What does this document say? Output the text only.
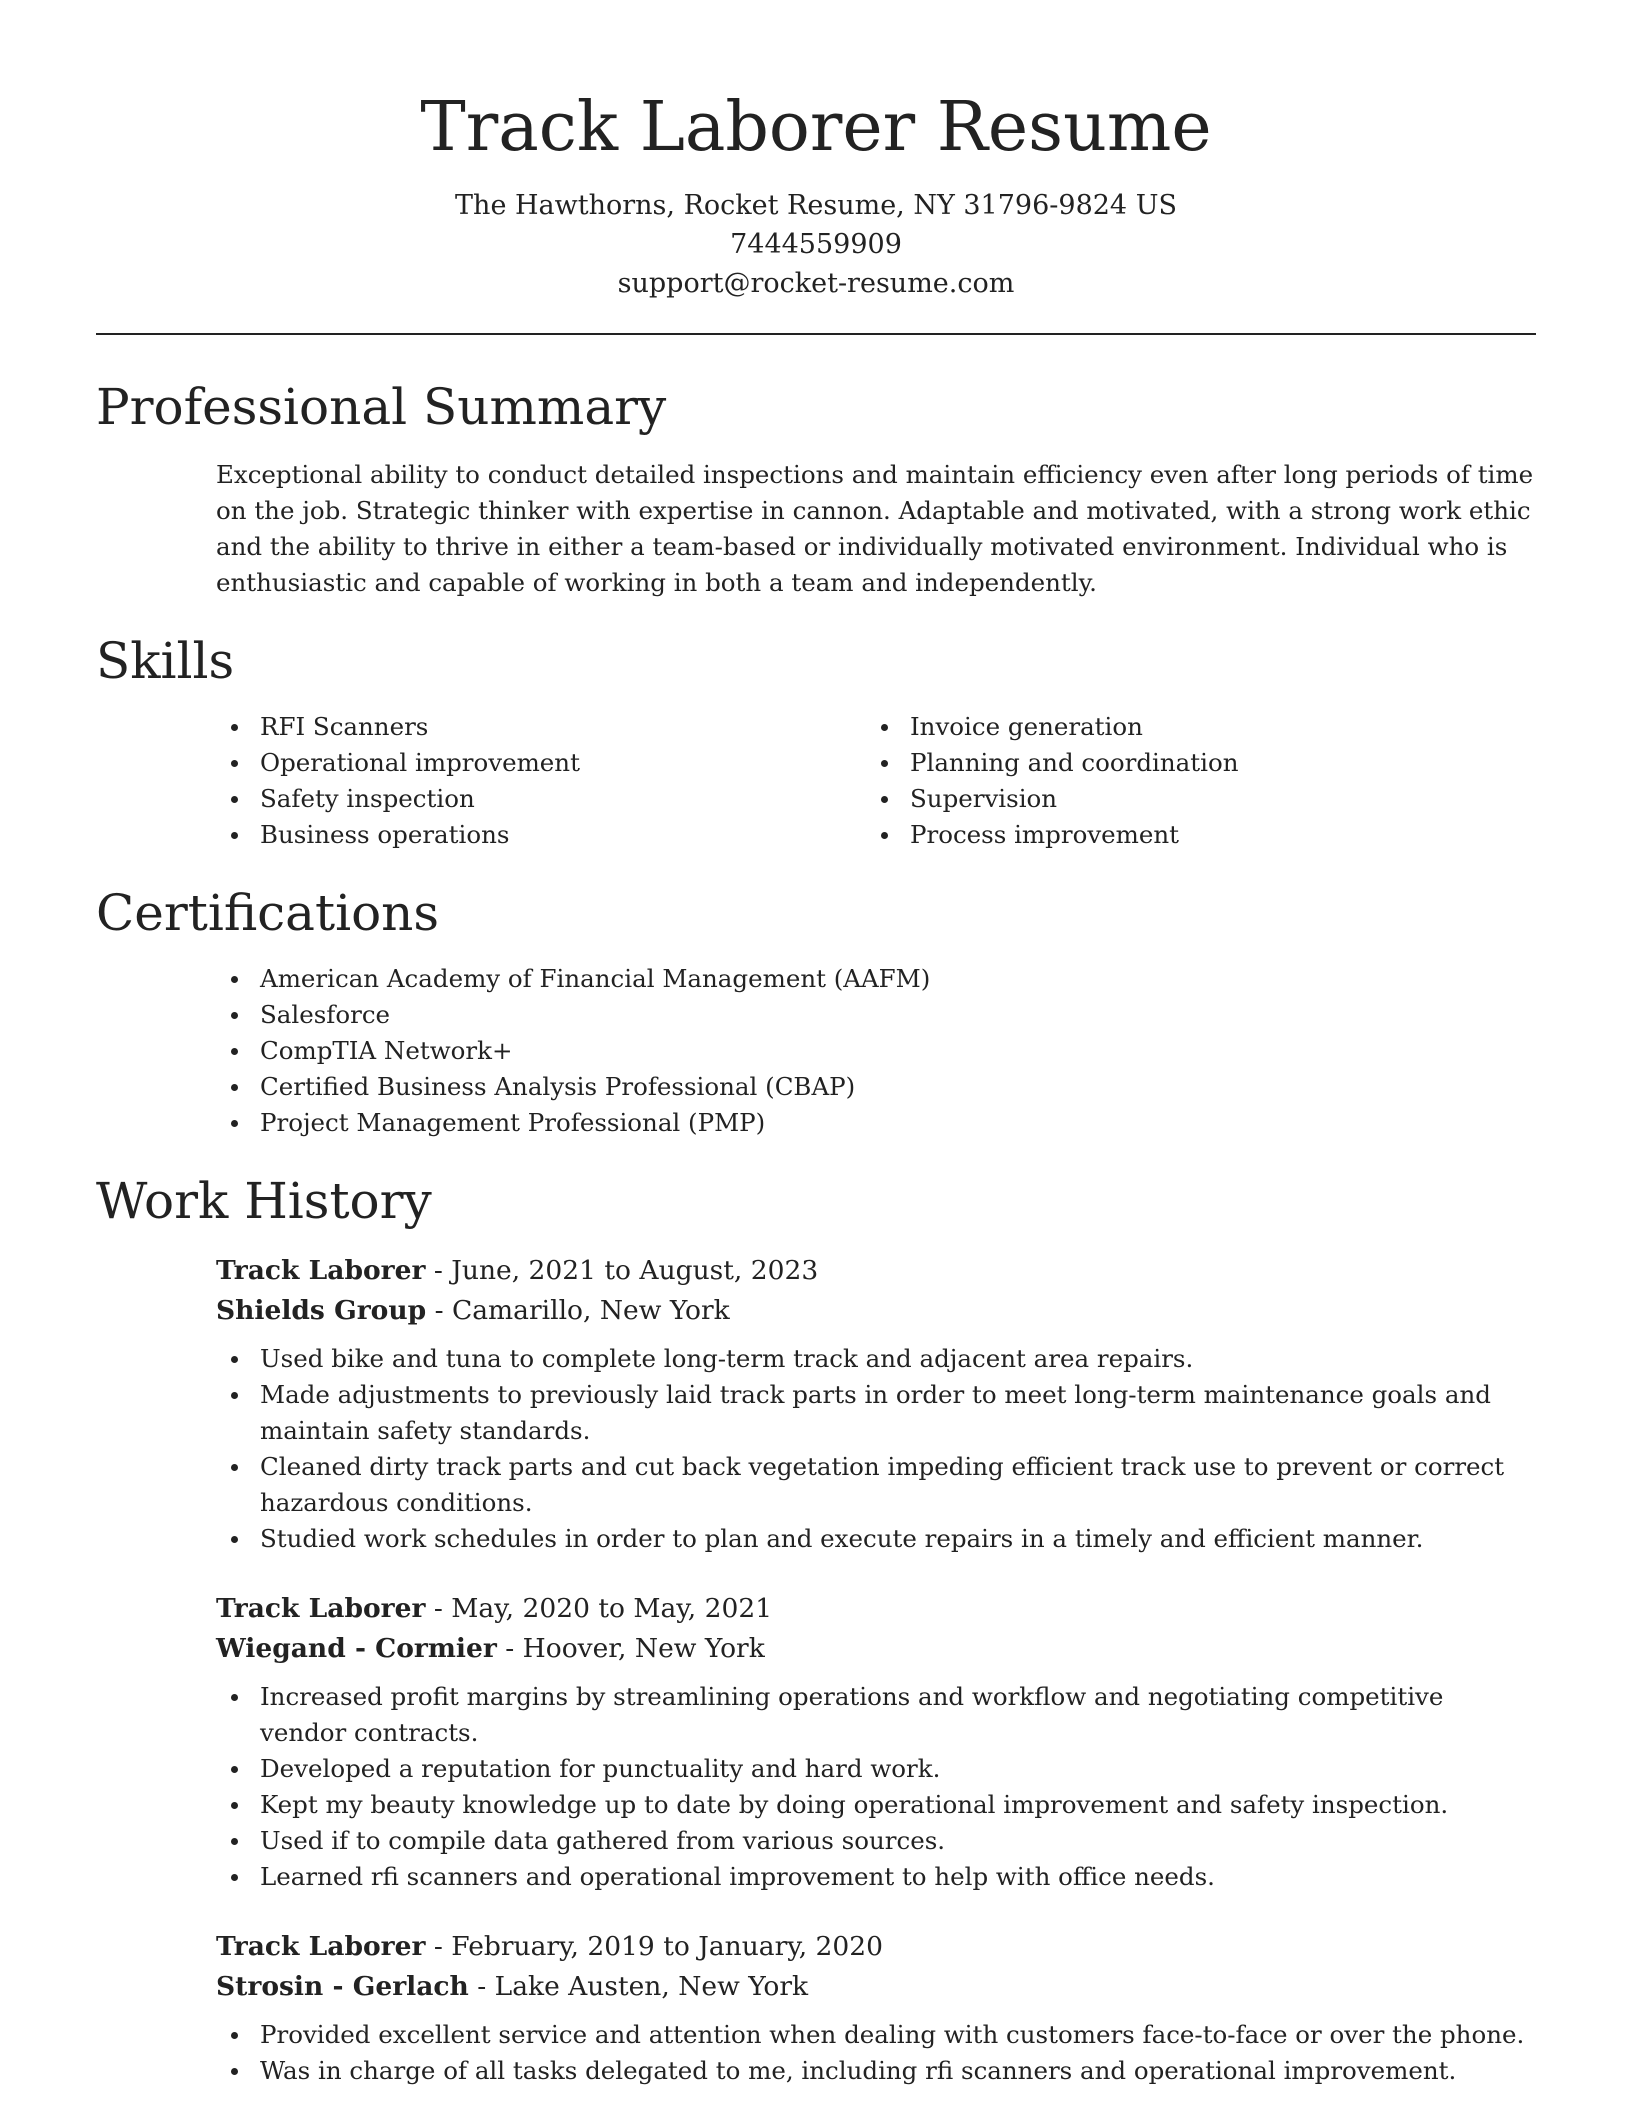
Track Laborer Resume
The Hawthorns, Rocket Resume, NY 31796-9824 US
7444559909
support@rocket-resume.com
Professional Summary

Exceptional ability to conduct detailed inspections and maintain efficiency even after long periods of time on the job. Strategic thinker with expertise in cannon. Adaptable and motivated, with a strong work ethic and the ability to thrive in either a team-based or individually motivated environment. Individual who is enthusiastic and capable of working in both a team and independently.

Skills
RFI Scanners
Operational improvement
Safety inspection
Business operations
Invoice generation
Planning and coordination
Supervision
Process improvement
Certifications
American Academy of Financial Management (AAFM)
Salesforce
CompTIA Network+
Certified Business Analysis Professional (CBAP)
Project Management Professional (PMP)
Work History
Track Laborer - June, 2021 to August, 2023
Shields Group - Camarillo, New York
Used bike and tuna to complete long-term track and adjacent area repairs.
Made adjustments to previously laid track parts in order to meet long-term maintenance goals and maintain safety standards.
Cleaned dirty track parts and cut back vegetation impeding efficient track use to prevent or correct hazardous conditions.
Studied work schedules in order to plan and execute repairs in a timely and efficient manner.
Track Laborer - May, 2020 to May, 2021
Wiegand - Cormier - Hoover, New York
Increased profit margins by streamlining operations and workflow and negotiating competitive vendor contracts.
Developed a reputation for punctuality and hard work.
Kept my beauty knowledge up to date by doing operational improvement and safety inspection.
Used if to compile data gathered from various sources.
Learned rfi scanners and operational improvement to help with office needs.
Track Laborer - February, 2019 to January, 2020
Strosin - Gerlach - Lake Austen, New York
Provided excellent service and attention when dealing with customers face-to-face or over the phone.
Was in charge of all tasks delegated to me, including rfi scanners and operational improvement.
